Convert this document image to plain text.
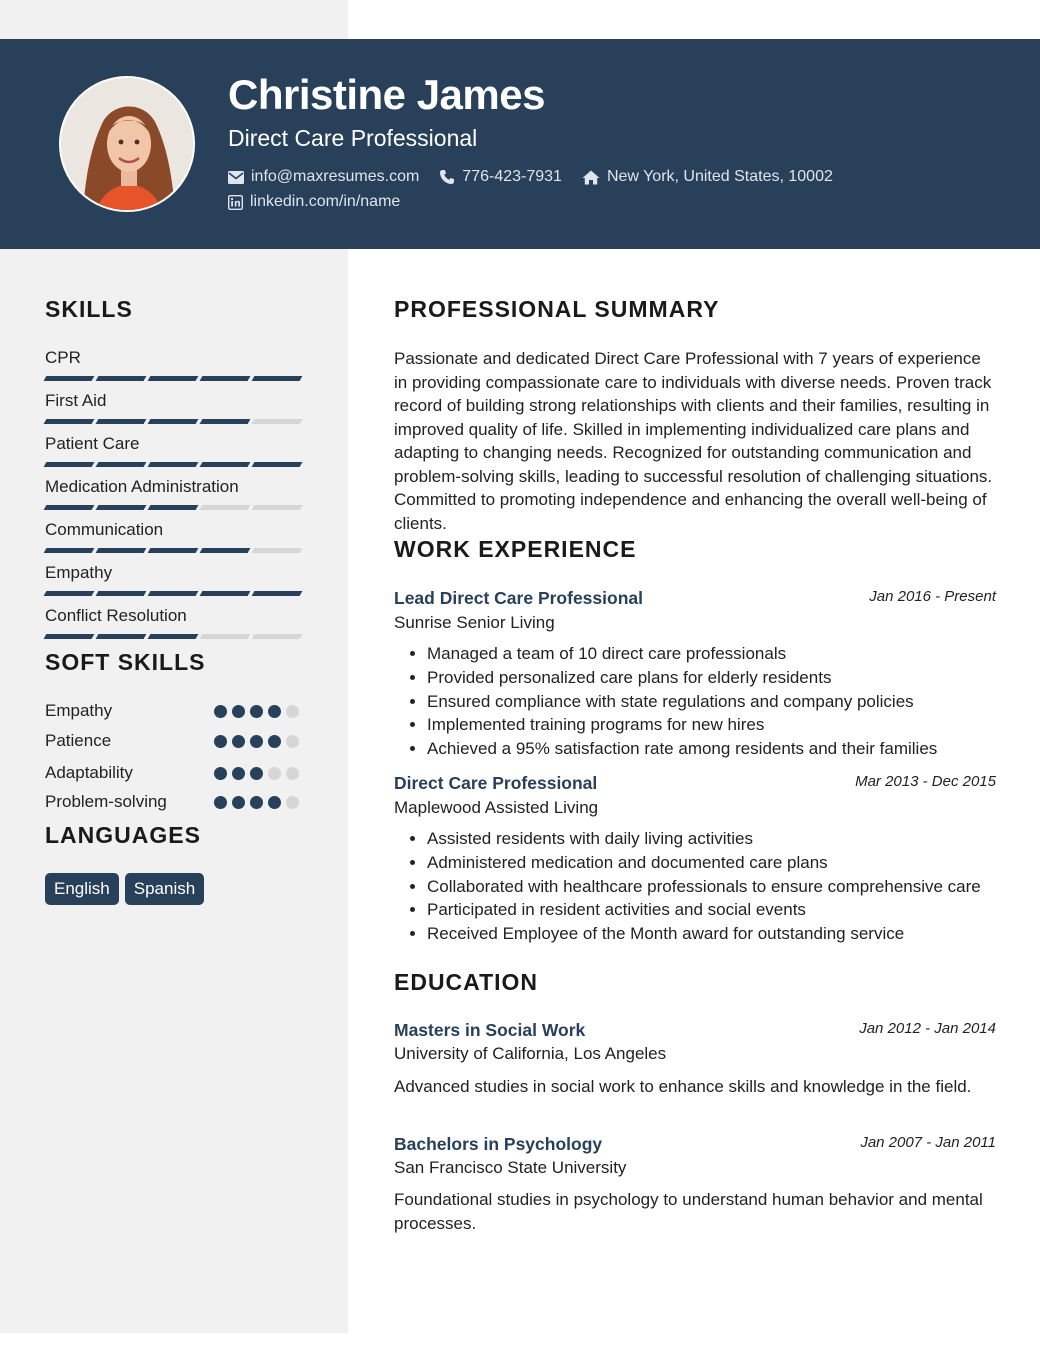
Christine James
Direct Care Professional
info@maxresumes.com	776-423-7931	New York, United States, 10002
linkedin.com/in/name
SKILLS
CPR
First Aid
Patient Care
Medication Administration
Communication
Empathy
Conflict Resolution
SOFT SKILLS
Empathy
Patience
Adaptability
Problem-solving
LANGUAGES
English	Spanish
PROFESSIONAL SUMMARY
Passionate and dedicated Direct Care Professional with 7 years of experience in providing compassionate care to individuals with diverse needs. Proven track record of building strong relationships with clients and their families, resulting in improved quality of life. Skilled in implementing individualized care plans and adapting to changing needs. Recognized for outstanding communication and problem-solving skills, leading to successful resolution of challenging situations. Committed to promoting independence and enhancing the overall well-being of clients.
WORK EXPERIENCE
Lead Direct Care Professional	Jan 2016 - Present
Sunrise Senior Living
• Managed a team of 10 direct care professionals
• Provided personalized care plans for elderly residents
• Ensured compliance with state regulations and company policies
• Implemented training programs for new hires
• Achieved a 95% satisfaction rate among residents and their families
Direct Care Professional	Mar 2013 - Dec 2015
Maplewood Assisted Living
• Assisted residents with daily living activities
• Administered medication and documented care plans
• Collaborated with healthcare professionals to ensure comprehensive care
• Participated in resident activities and social events
• Received Employee of the Month award for outstanding service
EDUCATION
Masters in Social Work	Jan 2012 - Jan 2014
University of California, Los Angeles
Advanced studies in social work to enhance skills and knowledge in the field.
Bachelors in Psychology	Jan 2007 - Jan 2011
San Francisco State University
Foundational studies in psychology to understand human behavior and mental processes.
